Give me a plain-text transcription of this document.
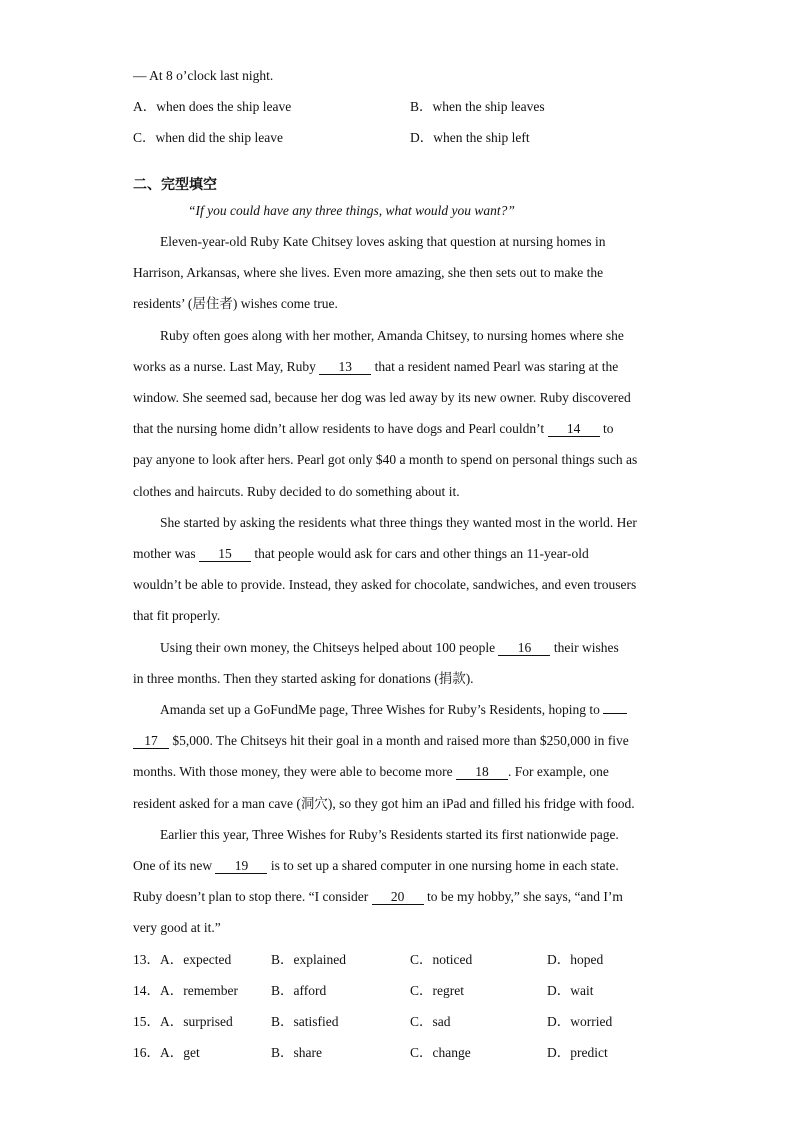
— At 8 o’clock last night.
A．when does the ship leave	B．when the ship leaves
C．when did the ship leave	D．when the ship left
二、完型填空
“If you could have any three things, what would you want?”
Eleven-year-old Ruby Kate Chitsey loves asking that question at nursing homes in
Harrison, Arkansas, where she lives. Even more amazing, she then sets out to make the
residents’ (居住者) wishes come true.
Ruby often goes along with her mother, Amanda Chitsey, to nursing homes where she
works as a nurse. Last May, Ruby 13 that a resident named Pearl was staring at the
window. She seemed sad, because her dog was led away by its new owner. Ruby discovered
that the nursing home didn’t allow residents to have dogs and Pearl couldn’t 14 to
pay anyone to look after hers. Pearl got only $40 a month to spend on personal things such as
clothes and haircuts. Ruby decided to do something about it.
She started by asking the residents what three things they wanted most in the world. Her
mother was 15 that people would ask for cars and other things an 11-year-old
wouldn’t be able to provide. Instead, they asked for chocolate, sandwiches, and even trousers
that fit properly.
Using their own money, the Chitseys helped about 100 people 16 their wishes
in three months. Then they started asking for donations (捐款).
Amanda set up a GoFundMe page, Three Wishes for Ruby’s Residents, hoping to
17 $5,000. The Chitseys hit their goal in a month and raised more than $250,000 in five
months. With those money, they were able to become more 18 . For example, one
resident asked for a man cave (洞穴), so they got him an iPad and filled his fridge with food.
Earlier this year, Three Wishes for Ruby’s Residents started its first nationwide page.
One of its new 19 is to set up a shared computer in one nursing home in each state.
Ruby doesn’t plan to stop there. “I consider 20 to be my hobby,” she says, “and I’m
very good at it.”
13． A．expected	B．explained	C．noticed	D．hoped
14． A．remember B．afford	C．regret	D．wait
15． A．surprised	B．satisfied	C．sad	D．worried
16． A．get	B．share	C．change	D．predict
